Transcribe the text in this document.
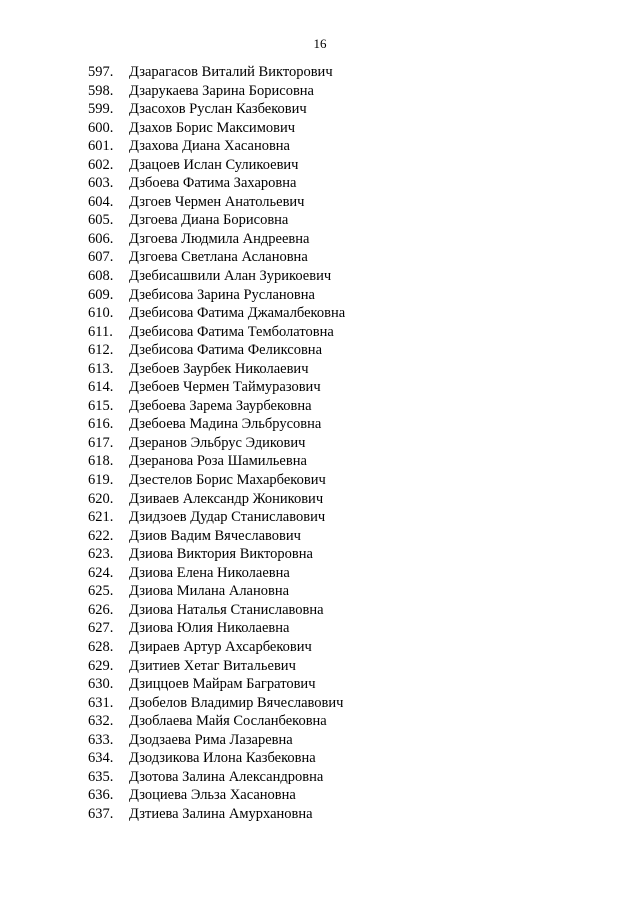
16
597.	Дзарагасов Виталий Викторович
598.	Дзарукаева Зарина Борисовна
599.	Дзасохов Руслан Казбекович
600.	Дзахов Борис Максимович
601.	Дзахова Диана Хасановна
602.	Дзацоев Ислан Суликоевич
603.	Дзбоева Фатима Захаровна
604.	Дзгоев Чермен Анатольевич
605.	Дзгоева Диана Борисовна
606.	Дзгоева Людмила Андреевна
607.	Дзгоева Светлана Аслановна
608.	Дзебисашвили Алан Зурикоевич
609.	Дзебисова Зарина Руслановна
610.	Дзебисова Фатима Джамалбековна
611.	Дзебисова Фатима Темболатовна
612.	Дзебисова Фатима Феликсовна
613.	Дзебоев Заурбек Николаевич
614.	Дзебоев Чермен Таймуразович
615.	Дзебоева Зарема Заурбековна
616.	Дзебоева Мадина Эльбрусовна
617.	Дзеранов Эльбрус Эдикович
618.	Дзеранова Роза Шамильевна
619.	Дзестелов Борис Махарбекович
620.	Дзиваев Александр Жоникович
621.	Дзидзоев Дудар Станиславович
622.	Дзиов Вадим Вячеславович
623.	Дзиова Виктория Викторовна
624.	Дзиова Елена Николаевна
625.	Дзиова Милана Алановна
626.	Дзиова Наталья Станиславовна
627.	Дзиова Юлия Николаевна
628.	Дзираев Артур Ахсарбекович
629.	Дзитиев Хетаг Витальевич
630.	Дзиццоев Майрам Багратович
631.	Дзобелов Владимир Вячеславович
632.	Дзоблаева Майя Сосланбековна
633.	Дзодзаева Рима Лазаревна
634.	Дзодзикова Илона Казбековна
635.	Дзотова Залина Александровна
636.	Дзоциева Эльза Хасановна
637.	Дзтиева Залина Амурхановна
